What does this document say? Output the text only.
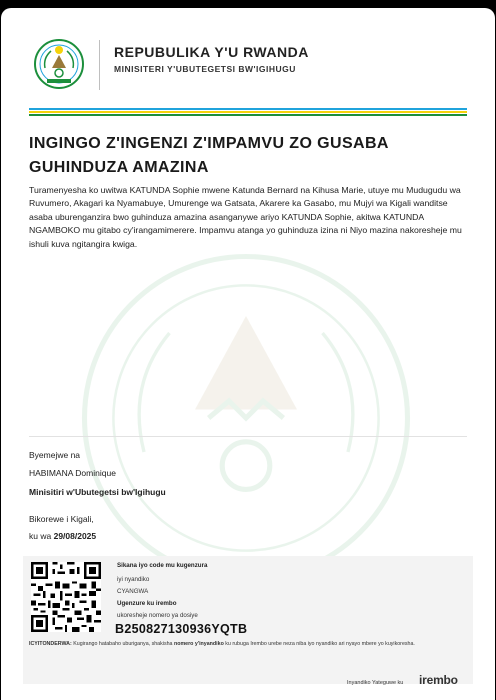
REPUBULIKA Y'U RWANDA
MINISITERI Y'UBUTEGETSI BW'IGIHUGU
INGINGO Z'INGENZI Z'IMPAMVU ZO GUSABA
GUHINDUZA AMAZINA
Turamenyesha ko uwitwa KATUNDA Sophie mwene Katunda Bernard na Kihusa Marie, utuye mu Mudugudu wa Ruvumero, Akagari ka Nyamabuye, Umurenge wa Gatsata, Akarere ka Gasabo, mu Mujyi wa Kigali wanditse asaba uburenganzira bwo guhinduza amazina asanganywe ariyo KATUNDA Sophie, akitwa KATUNDA NGAMBOKO mu gitabo cy'irangamimerere. Impamvu atanga yo guhinduza izina ni Niyo mazina nakoresheje mu ishuli kuva ngitangira kwiga.
Byemejwe na
HABIMANA Dominique
Minisitiri w'Ubutegetsi bw'Igihugu
Bikorewe i Kigali,
ku wa 29/08/2025
Sikana iyo code mu kugenzura
iyi nyandiko
CYANGWA
Ugenzure ku irembo
ukoresheje nomero ya dosiye
B250827130936YQTB
ICYITONDERWA: Kugirango hatabaho uburiganya, shakisha nomero y'inyandiko ku rubuga Irembo urebe neza niba iyo nyandiko ari nyayo mbere yo kuyikoresha.
Inyandiko Yateguwe ku irembo
